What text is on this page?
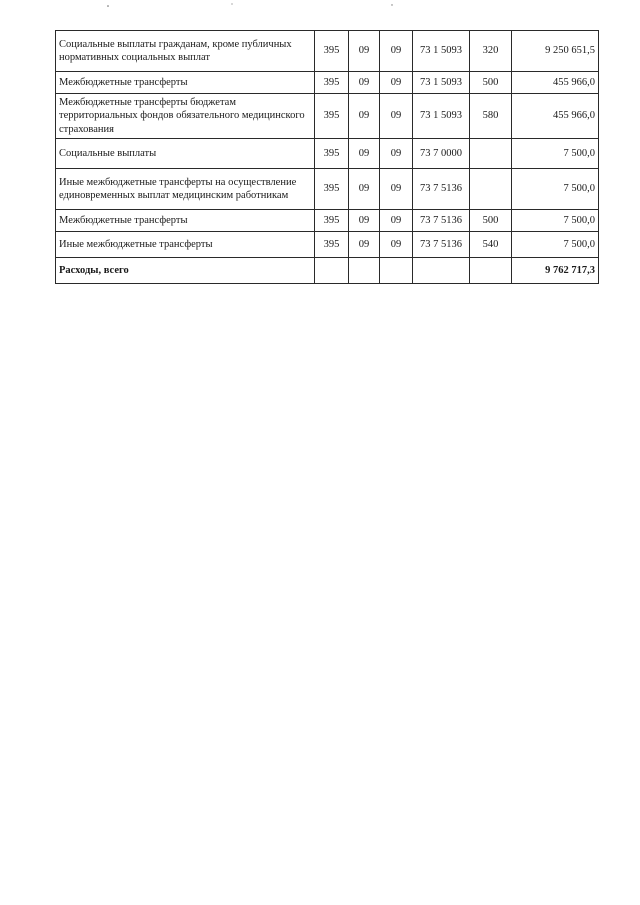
Социальные выплаты гражданам, кроме публичных нормативных социальных выплат	395	09	09	73 1 5093	320	9 250 651,5
Межбюджетные трансферты	395	09	09	73 1 5093	500	455 966,0
Межбюджетные трансферты бюджетам территориальных фондов обязательного медицинского страхования	395	09	09	73 1 5093	580	455 966,0
Социальные выплаты	395	09	09	73 7 0000		7 500,0
Иные межбюджетные трансферты на осуществление единовременных выплат медицинским работникам	395	09	09	73 7 5136		7 500,0
Межбюджетные трансферты	395	09	09	73 7 5136	500	7 500,0
Иные межбюджетные трансферты	395	09	09	73 7 5136	540	7 500,0
Расходы, всего						9 762 717,3
